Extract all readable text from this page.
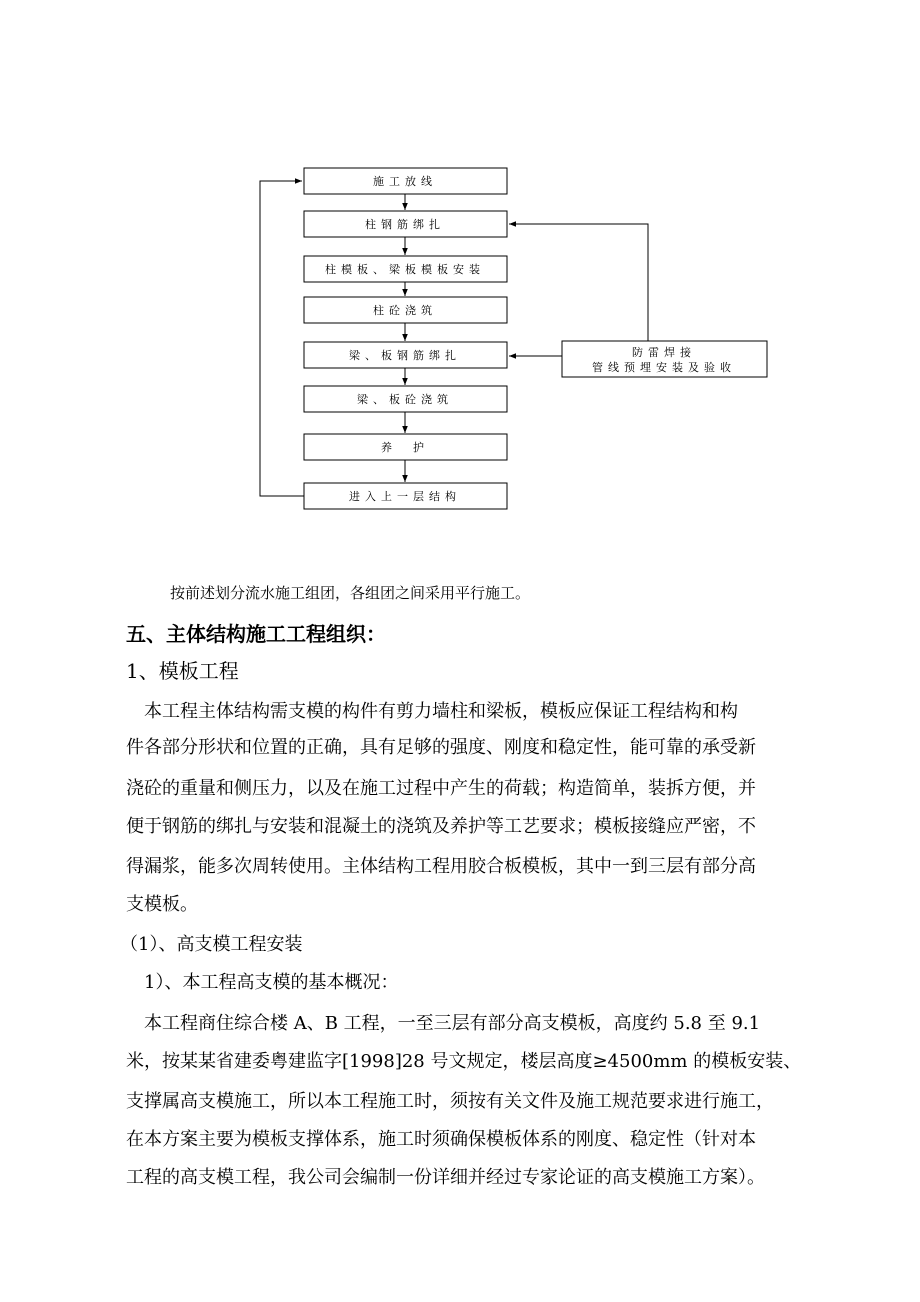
施工放线
柱钢筋绑扎
柱模板、梁板模板安装
柱砼浇筑
梁、板钢筋绑扎
梁、板砼浇筑
养　护
进入上一层结构
防雷焊接
管线预埋安装及验收
按前述划分流水施工组团，各组团之间采用平行施工。
五、主体结构施工工程组织：
1、模板工程
　本工程主体结构需支模的构件有剪力墙柱和梁板，模板应保证工程结构和构
件各部分形状和位置的正确，具有足够的强度、刚度和稳定性，能可靠的承受新
浇砼的重量和侧压力，以及在施工过程中产生的荷载；构造简单，装拆方便，并
便于钢筋的绑扎与安装和混凝土的浇筑及养护等工艺要求；模板接缝应严密，不
得漏浆，能多次周转使用。主体结构工程用胶合板模板，其中一到三层有部分高
支模板。
（1）、高支模工程安装
　1）、本工程高支模的基本概况：
　本工程商住综合楼 A、B 工程，一至三层有部分高支模板，高度约 5.8 至 9.1
米，按某某省建委粤建监字[1998]28 号文规定，楼层高度≥4500mm 的模板安装、
支撑属高支模施工，所以本工程施工时，须按有关文件及施工规范要求进行施工，
在本方案主要为模板支撑体系，施工时须确保模板体系的刚度、稳定性（针对本
工程的高支模工程，我公司会编制一份详细并经过专家论证的高支模施工方案）。
